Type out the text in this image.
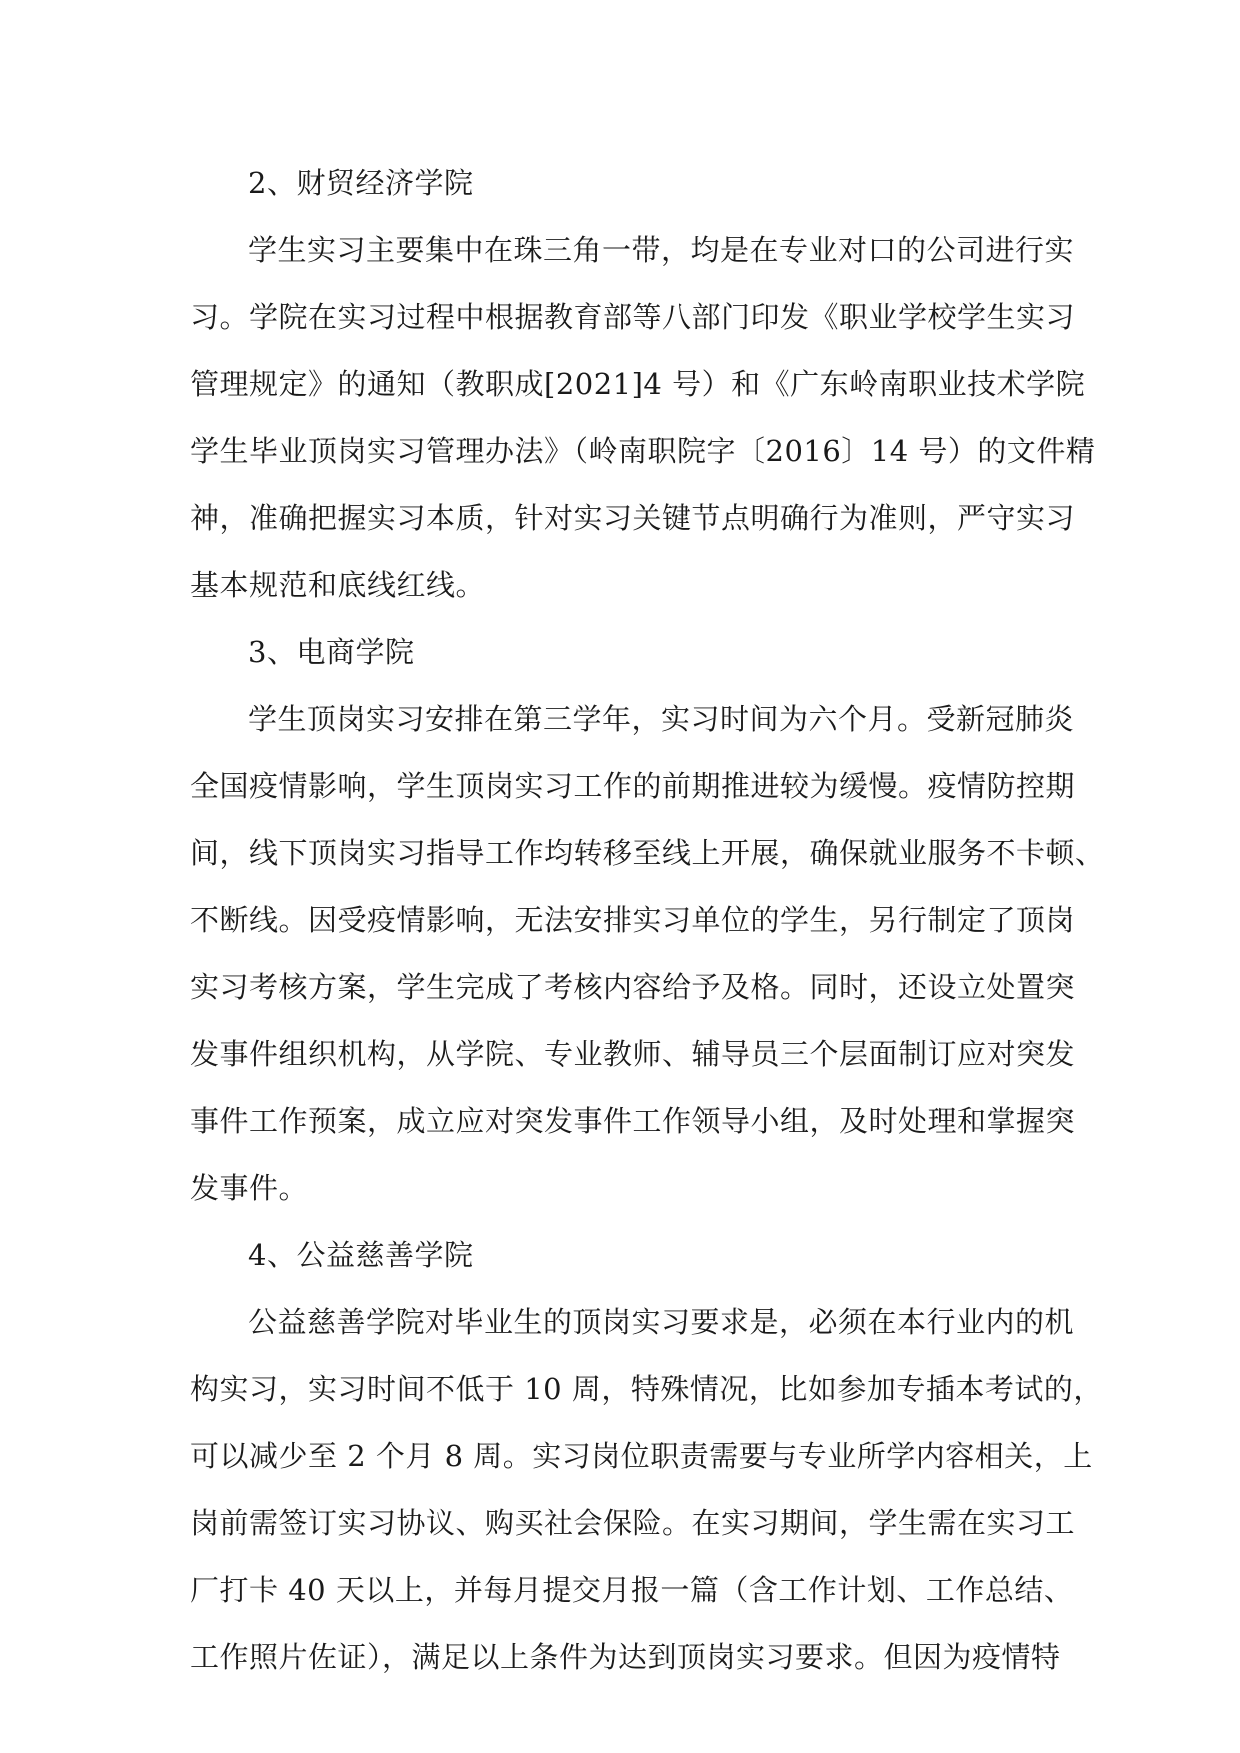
2、财贸经济学院
学生实习主要集中在珠三角一带，均是在专业对口的公司进行实
习。学院在实习过程中根据教育部等八部门印发《职业学校学生实习
管理规定》的通知（教职成[2021]4 号）和《广东岭南职业技术学院
学生毕业顶岗实习管理办法》（岭南职院字〔2016〕14 号）的文件精
神，准确把握实习本质，针对实习关键节点明确行为准则，严守实习
基本规范和底线红线。
3、电商学院
学生顶岗实习安排在第三学年，实习时间为六个月。受新冠肺炎
全国疫情影响，学生顶岗实习工作的前期推进较为缓慢。疫情防控期
间，线下顶岗实习指导工作均转移至线上开展，确保就业服务不卡顿、
不断线。因受疫情影响，无法安排实习单位的学生，另行制定了顶岗
实习考核方案，学生完成了考核内容给予及格。同时，还设立处置突
发事件组织机构，从学院、专业教师、辅导员三个层面制订应对突发
事件工作预案，成立应对突发事件工作领导小组，及时处理和掌握突
发事件。
4、公益慈善学院
公益慈善学院对毕业生的顶岗实习要求是，必须在本行业内的机
构实习，实习时间不低于 10 周，特殊情况，比如参加专插本考试的，
可以减少至 2 个月 8 周。实习岗位职责需要与专业所学内容相关，上
岗前需签订实习协议、购买社会保险。在实习期间，学生需在实习工
厂打卡 40 天以上，并每月提交月报一篇（含工作计划、工作总结、
工作照片佐证），满足以上条件为达到顶岗实习要求。但因为疫情特
